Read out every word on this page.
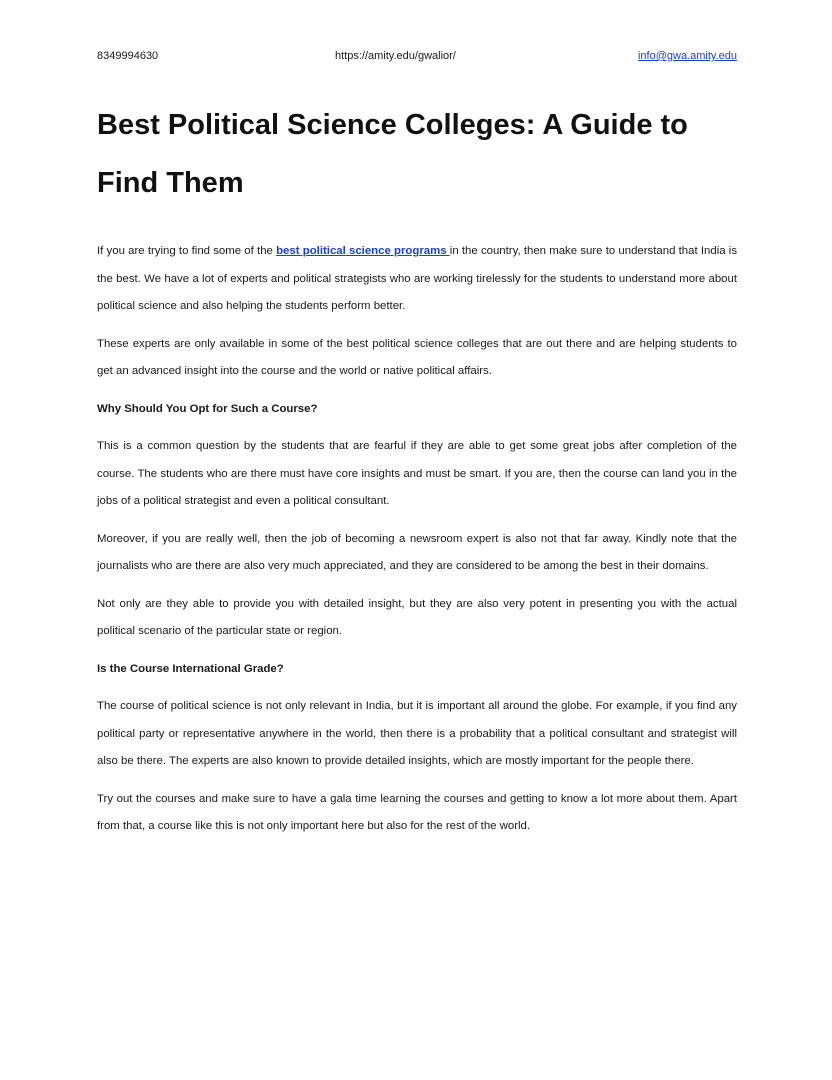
8349994630	https://amity.edu/gwalior/	info@gwa.amity.edu
Best Political Science Colleges: A Guide to Find Them

If you are trying to find some of the best political science programs in the country, then make sure to understand that India is the best. We have a lot of experts and political strategists who are working tirelessly for the students to understand more about political science and also helping the students perform better.

These experts are only available in some of the best political science colleges that are out there and are helping students to get an advanced insight into the course and the world or native political affairs.

Why Should You Opt for Such a Course?

This is a common question by the students that are fearful if they are able to get some great jobs after completion of the course. The students who are there must have core insights and must be smart. If you are, then the course can land you in the jobs of a political strategist and even a political consultant.

Moreover, if you are really well, then the job of becoming a newsroom expert is also not that far away. Kindly note that the journalists who are there are also very much appreciated, and they are considered to be among the best in their domains.

Not only are they able to provide you with detailed insight, but they are also very potent in presenting you with the actual political scenario of the particular state or region.

Is the Course International Grade?

The course of political science is not only relevant in India, but it is important all around the globe. For example, if you find any political party or representative anywhere in the world, then there is a probability that a political consultant and strategist will also be there. The experts are also known to provide detailed insights, which are mostly important for the people there.

Try out the courses and make sure to have a gala time learning the courses and getting to know a lot more about them. Apart from that, a course like this is not only important here but also for the rest of the world.
